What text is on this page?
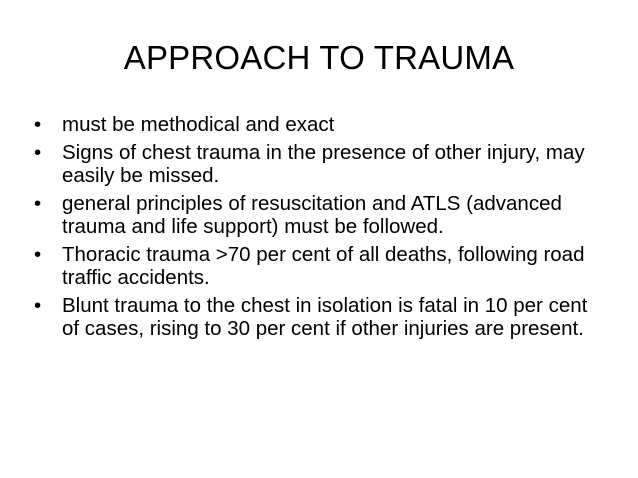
APPROACH TO TRAUMA
•	must be methodical and exact
•	Signs of chest trauma in the presence of other injury, may easily be missed.
•	general principles of resuscitation and ATLS (advanced trauma and life support) must be followed.
•	Thoracic trauma >70 per cent of all deaths, following road traffic accidents.
•	Blunt trauma to the chest in isolation is fatal in 10 per cent of cases, rising to 30 per cent if other injuries are present.
